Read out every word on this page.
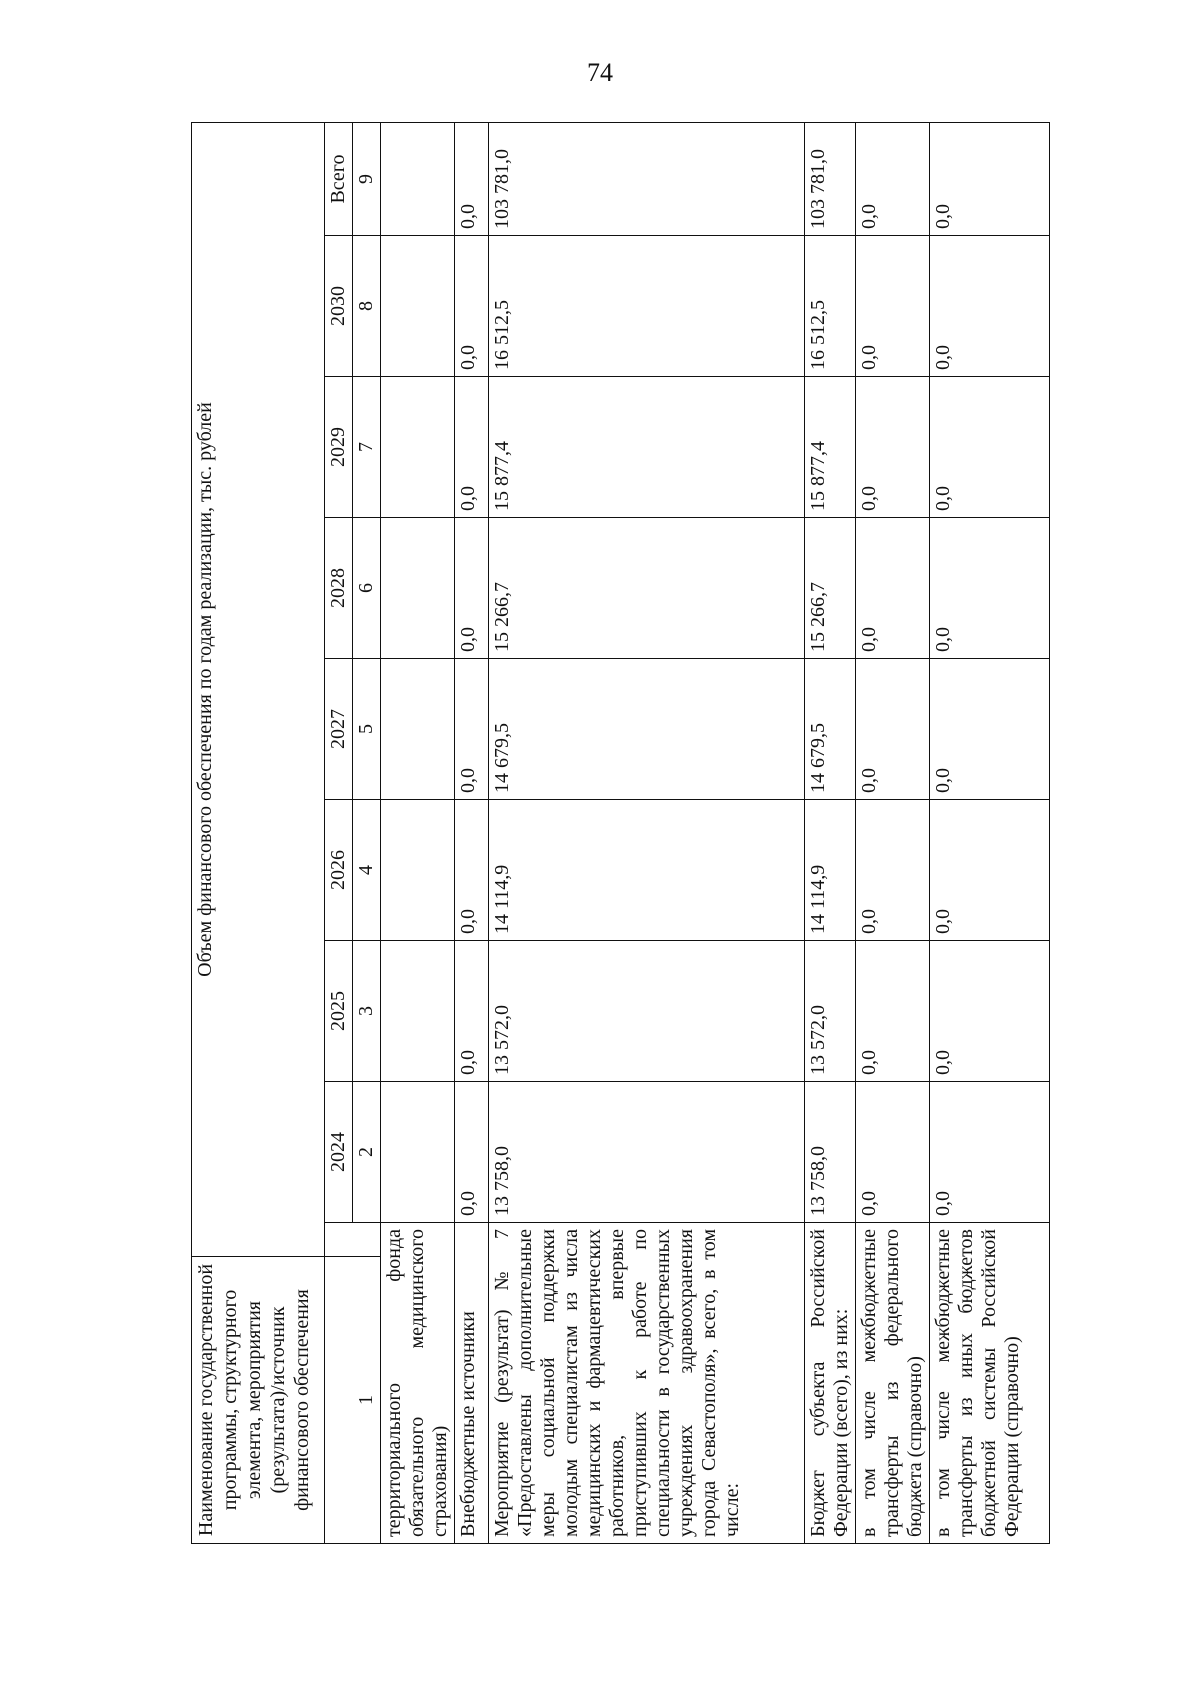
74
Наименование государственной программы, структурного элемента, мероприятия (результата)/источник финансового обеспечения	Объем финансового обеспечения по годам реализации, тыс. рублей								
1		2024	2025	2026	2027	2028	2029	2030	Всего
		2	3	4	5	6	7	8	9
территориального фонда обязательного медицинского страхования)									
Внебюджетные источники		0,0	0,0	0,0	0,0	0,0	0,0	0,0	0,0
Мероприятие (результат) № 7 «Предоставлены дополнительные меры социальной поддержки молодым специалистам из числа медицинских и фармацевтических работников, впервые приступивших к работе по специальности в государственных учреждениях здравоохранения города Севастополя», всего, в том числе:		13 758,0	13 572,0	14 114,9	14 679,5	15 266,7	15 877,4	16 512,5	103 781,0
Бюджет субъекта Российской Федерации (всего), из них:		13 758,0	13 572,0	14 114,9	14 679,5	15 266,7	15 877,4	16 512,5	103 781,0
в том числе межбюджетные трансферты из федерального бюджета (справочно)		0,0	0,0	0,0	0,0	0,0	0,0	0,0	0,0
в том числе межбюджетные трансферты из иных бюджетов бюджетной системы Российской Федерации (справочно)		0,0	0,0	0,0	0,0	0,0	0,0	0,0	0,0
